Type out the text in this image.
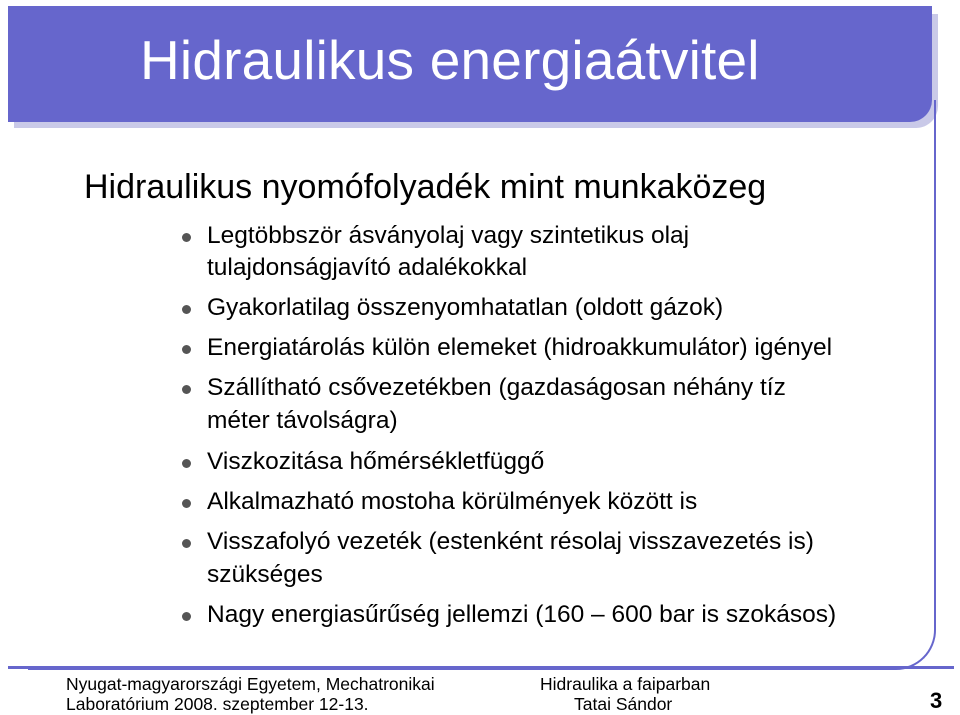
Hidraulikus energiaátvitel
Hidraulikus nyomófolyadék mint munkaközeg
Legtöbbször ásványolaj vagy szintetikus olaj
tulajdonságjavító adalékokkal
Gyakorlatilag összenyomhatatlan (oldott gázok)
Energiatárolás külön elemeket (hidroakkumulátor) igényel
Szállítható csővezetékben (gazdaságosan néhány tíz
méter távolságra)
Viszkozitása hőmérsékletfüggő
Alkalmazható mostoha körülmények között is
Visszafolyó vezeték (estenként résolaj visszavezetés is)
szükséges
Nagy energiasűrűség jellemzi (160 – 600 bar is szokásos)
Nyugat-magyarországi Egyetem, Mechatronikai
Laboratórium 2008. szeptember 12-13.
Hidraulika a faiparban
Tatai Sándor	3
